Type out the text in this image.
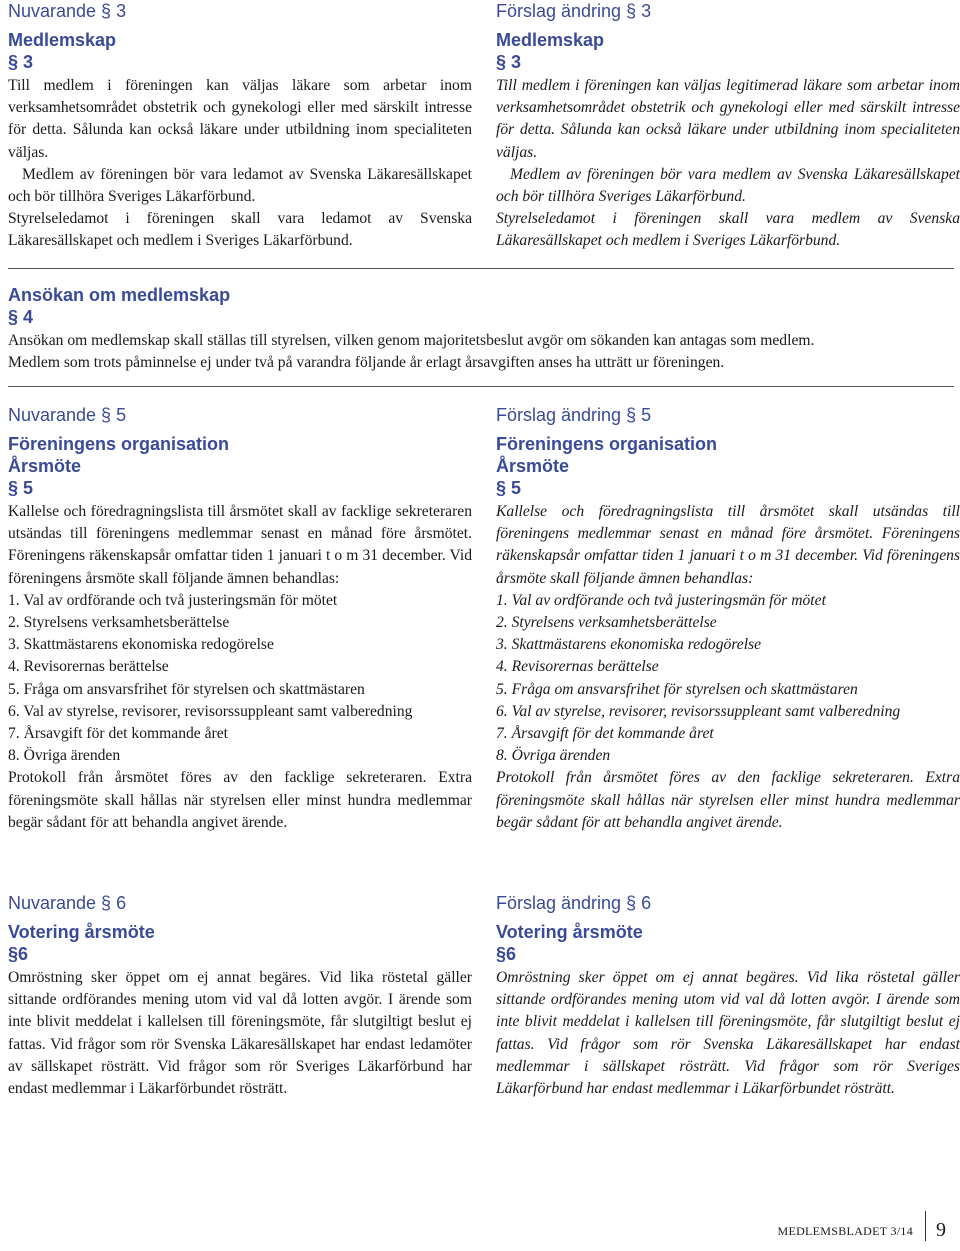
Nuvarande § 3
Medlemskap
§ 3

Till medlem i föreningen kan väljas läkare som arbetar inom verksamhetsområdet obstetrik och gynekologi eller med särskilt intresse för detta. Sålunda kan också läkare under utbildning inom specialiteten väljas.

Medlem av föreningen bör vara ledamot av Svenska Läkaresällskapet och bör tillhöra Sveriges Läkarförbund.

Styrelseledamot i föreningen skall vara ledamot av Svenska Läkaresällskapet och medlem i Sveriges Läkarförbund.

Förslag ändring § 3
Medlemskap
§ 3

Till medlem i föreningen kan väljas legitimerad läkare som arbetar inom verksamhetsområdet obstetrik och gynekologi eller med särskilt intresse för detta. Sålunda kan också läkare under utbildning inom specialiteten väljas.

Medlem av föreningen bör vara medlem av Svenska Läkaresällskapet och bör tillhöra Sveriges Läkarförbund.

Styrelseledamot i föreningen skall vara medlem av Svenska Läkaresällskapet och medlem i Sveriges Läkarförbund.

Ansökan om medlemskap
§ 4

Ansökan om medlemskap skall ställas till styrelsen, vilken genom majoritetsbeslut avgör om sökanden kan antagas som medlem.

Medlem som trots påminnelse ej under två på varandra följande år erlagt årsavgiften anses ha utträtt ur föreningen.

Nuvarande § 5
Föreningens organisation
Årsmöte
§ 5

Kallelse och föredragningslista till årsmötet skall av facklige sekreteraren utsändas till föreningens medlemmar senast en månad före årsmötet. Föreningens räkenskapsår omfattar tiden 1 januari t o m 31 december. Vid föreningens årsmöte skall följande ämnen behandlas:

1. Val av ordförande och två justeringsmän för mötet
2. Styrelsens verksamhetsberättelse
3. Skattmästarens ekonomiska redogörelse
4. Revisorernas berättelse
5. Fråga om ansvarsfrihet för styrelsen och skattmästaren
6. Val av styrelse, revisorer, revisorssuppleant samt valberedning
7. Årsavgift för det kommande året
8. Övriga ärenden

Protokoll från årsmötet föres av den facklige sekreteraren. Extra föreningsmöte skall hållas när styrelsen eller minst hundra medlemmar begär sådant för att behandla angivet ärende.

Förslag ändring § 5
Föreningens organisation
Årsmöte
§ 5

Kallelse och föredragningslista till årsmötet skall utsändas till föreningens medlemmar senast en månad före årsmötet. Föreningens räkenskapsår omfattar tiden 1 januari t o m 31 december. Vid föreningens årsmöte skall följande ämnen behandlas:

1. Val av ordförande och två justeringsmän för mötet
2. Styrelsens verksamhetsberättelse
3. Skattmästarens ekonomiska redogörelse
4. Revisorernas berättelse
5. Fråga om ansvarsfrihet för styrelsen och skattmästaren
6. Val av styrelse, revisorer, revisorssuppleant samt valberedning
7. Årsavgift för det kommande året
8. Övriga ärenden

Protokoll från årsmötet föres av den facklige sekreteraren. Extra föreningsmöte skall hållas när styrelsen eller minst hundra medlemmar begär sådant för att behandla angivet ärende.

Nuvarande § 6
Votering årsmöte
§6

Omröstning sker öppet om ej annat begäres. Vid lika röstetal gäller sittande ordförandes mening utom vid val då lotten avgör. I ärende som inte blivit meddelat i kallelsen till föreningsmöte, får slutgiltigt beslut ej fattas. Vid frågor som rör Svenska Läkaresällskapet har endast ledamöter av sällskapet rösträtt. Vid frågor som rör Sveriges Läkarförbund har endast medlemmar i Läkarförbundet rösträtt.

Förslag ändring § 6
Votering årsmöte
§6

Omröstning sker öppet om ej annat begäres. Vid lika röstetal gäller sittande ordförandes mening utom vid val då lotten avgör. I ärende som inte blivit meddelat i kallelsen till föreningsmöte, får slutgiltigt beslut ej fattas. Vid frågor som rör Svenska Läkaresällskapet har endast medlemmar i sällskapet rösträtt. Vid frågor som rör Sveriges Läkarförbund har endast medlemmar i Läkarförbundet rösträtt.

MEDLEMSBLADET 3/14 9
